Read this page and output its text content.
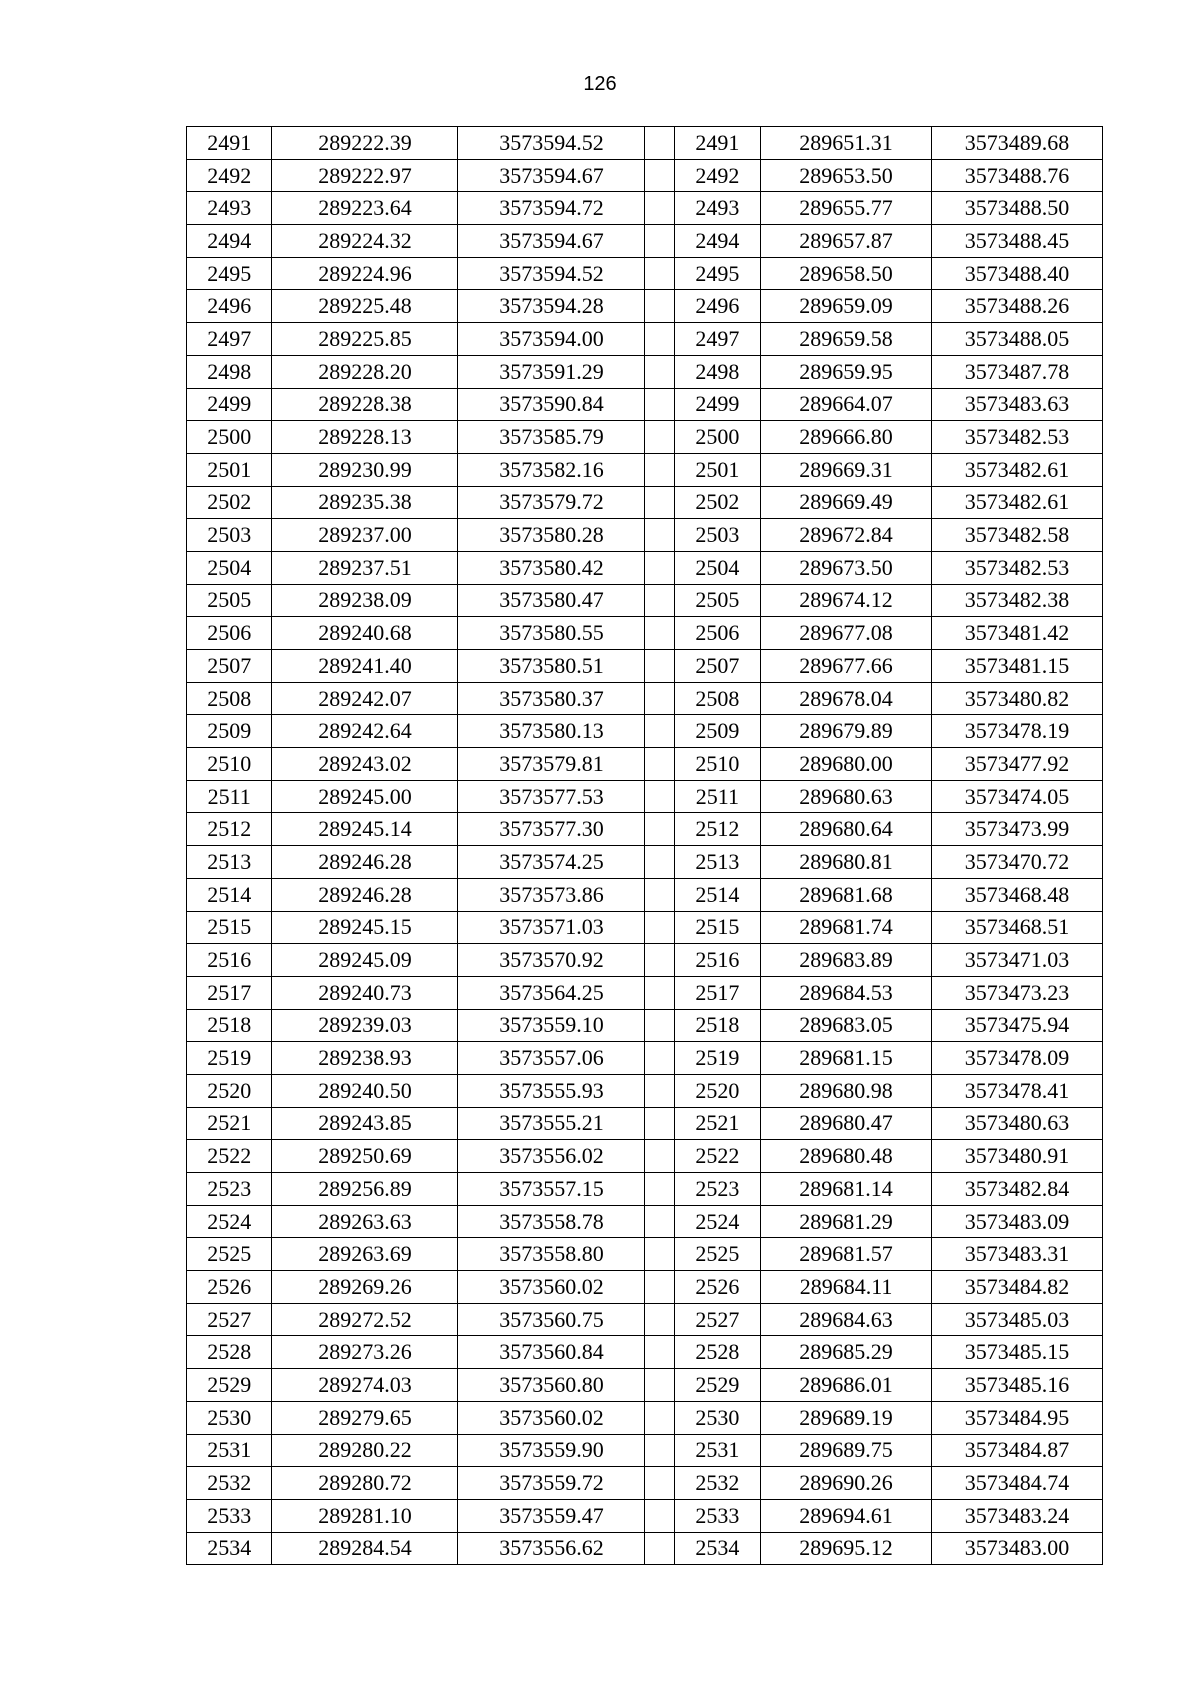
126
2491	289222.39	3573594.52		2491	289651.31	3573489.68
2492	289222.97	3573594.67		2492	289653.50	3573488.76
2493	289223.64	3573594.72		2493	289655.77	3573488.50
2494	289224.32	3573594.67		2494	289657.87	3573488.45
2495	289224.96	3573594.52		2495	289658.50	3573488.40
2496	289225.48	3573594.28		2496	289659.09	3573488.26
2497	289225.85	3573594.00		2497	289659.58	3573488.05
2498	289228.20	3573591.29		2498	289659.95	3573487.78
2499	289228.38	3573590.84		2499	289664.07	3573483.63
2500	289228.13	3573585.79		2500	289666.80	3573482.53
2501	289230.99	3573582.16		2501	289669.31	3573482.61
2502	289235.38	3573579.72		2502	289669.49	3573482.61
2503	289237.00	3573580.28		2503	289672.84	3573482.58
2504	289237.51	3573580.42		2504	289673.50	3573482.53
2505	289238.09	3573580.47		2505	289674.12	3573482.38
2506	289240.68	3573580.55		2506	289677.08	3573481.42
2507	289241.40	3573580.51		2507	289677.66	3573481.15
2508	289242.07	3573580.37		2508	289678.04	3573480.82
2509	289242.64	3573580.13		2509	289679.89	3573478.19
2510	289243.02	3573579.81		2510	289680.00	3573477.92
2511	289245.00	3573577.53		2511	289680.63	3573474.05
2512	289245.14	3573577.30		2512	289680.64	3573473.99
2513	289246.28	3573574.25		2513	289680.81	3573470.72
2514	289246.28	3573573.86		2514	289681.68	3573468.48
2515	289245.15	3573571.03		2515	289681.74	3573468.51
2516	289245.09	3573570.92		2516	289683.89	3573471.03
2517	289240.73	3573564.25		2517	289684.53	3573473.23
2518	289239.03	3573559.10		2518	289683.05	3573475.94
2519	289238.93	3573557.06		2519	289681.15	3573478.09
2520	289240.50	3573555.93		2520	289680.98	3573478.41
2521	289243.85	3573555.21		2521	289680.47	3573480.63
2522	289250.69	3573556.02		2522	289680.48	3573480.91
2523	289256.89	3573557.15		2523	289681.14	3573482.84
2524	289263.63	3573558.78		2524	289681.29	3573483.09
2525	289263.69	3573558.80		2525	289681.57	3573483.31
2526	289269.26	3573560.02		2526	289684.11	3573484.82
2527	289272.52	3573560.75		2527	289684.63	3573485.03
2528	289273.26	3573560.84		2528	289685.29	3573485.15
2529	289274.03	3573560.80		2529	289686.01	3573485.16
2530	289279.65	3573560.02		2530	289689.19	3573484.95
2531	289280.22	3573559.90		2531	289689.75	3573484.87
2532	289280.72	3573559.72		2532	289690.26	3573484.74
2533	289281.10	3573559.47		2533	289694.61	3573483.24
2534	289284.54	3573556.62		2534	289695.12	3573483.00
